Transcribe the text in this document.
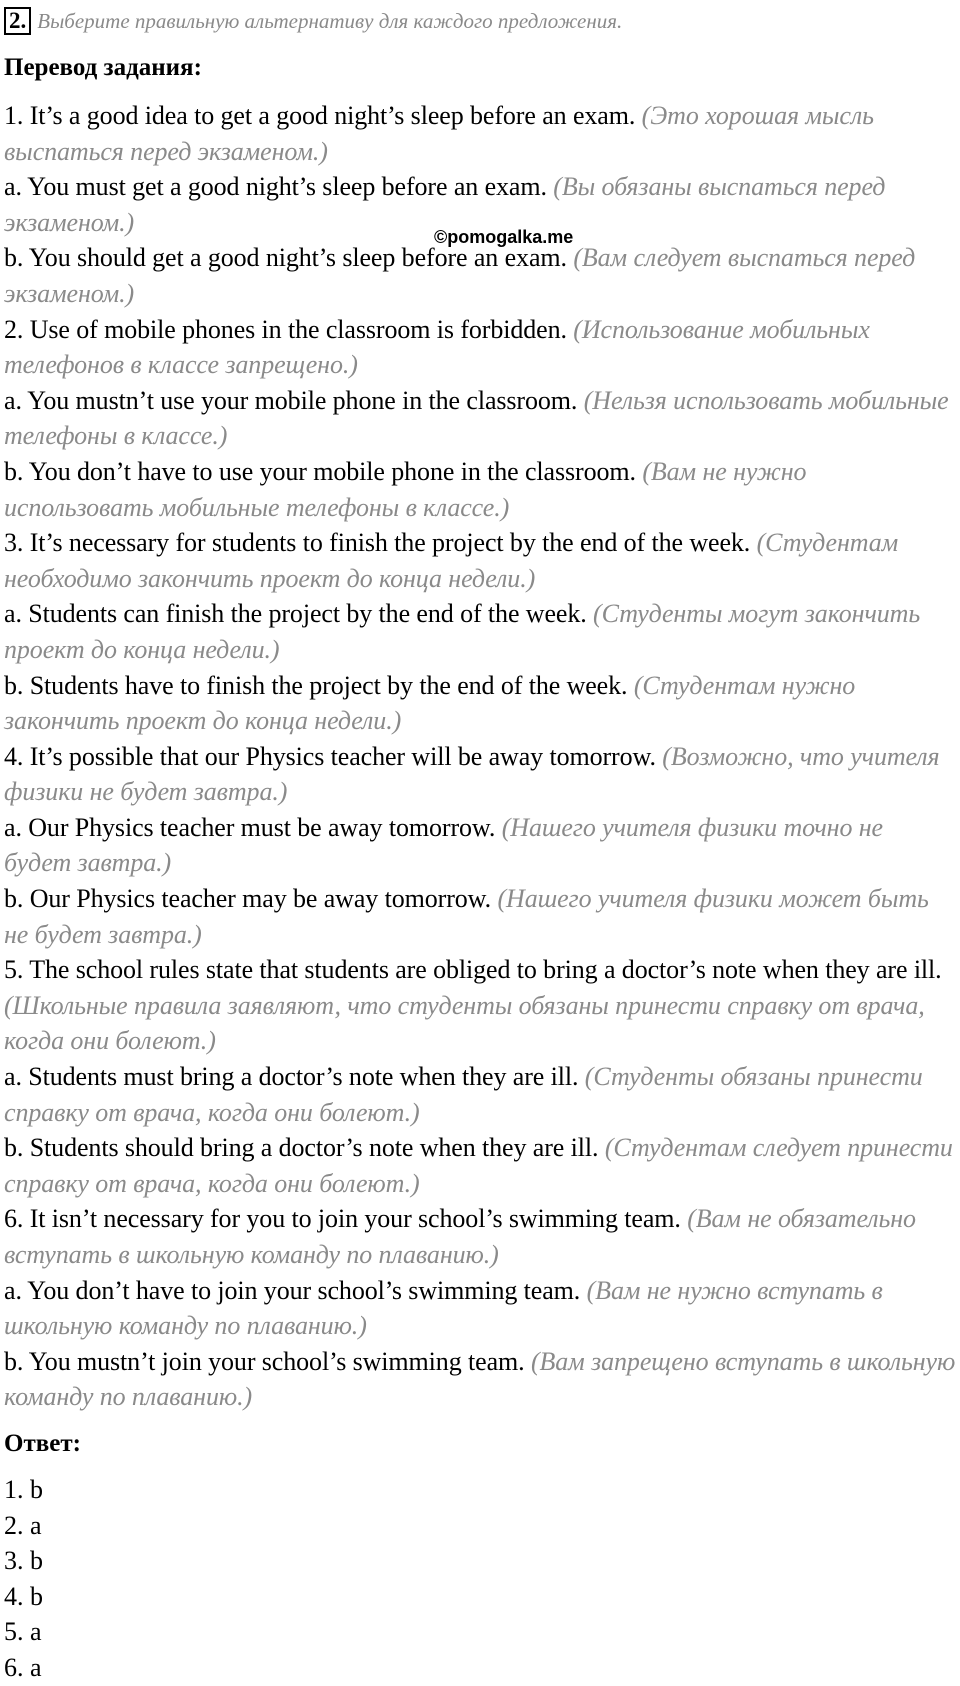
2. Выберите правильную альтернативу для каждого предложения.
Перевод задания:
1. It’s a good idea to get a good night’s sleep before an exam. (Это хорошая мысль выспаться перед экзаменом.)
a. You must get a good night’s sleep before an exam. (Вы обязаны выспаться перед экзаменом.)
b. You should get a good night’s sleep before an exam. (Вам следует выспаться перед экзаменом.)
2. Use of mobile phones in the classroom is forbidden. (Использование мобильных телефонов в классе запрещено.)
a. You mustn’t use your mobile phone in the classroom. (Нельзя использовать мобильные телефоны в классе.)
b. You don’t have to use your mobile phone in the classroom. (Вам не нужно использовать мобильные телефоны в классе.)
3. It’s necessary for students to finish the project by the end of the week. (Студентам необходимо закончить проект до конца недели.)
a. Students can finish the project by the end of the week. (Студенты могут закончить проект до конца недели.)
b. Students have to finish the project by the end of the week. (Студентам нужно закончить проект до конца недели.)
4. It’s possible that our Physics teacher will be away tomorrow. (Возможно, что учителя физики не будет завтра.)
a. Our Physics teacher must be away tomorrow. (Нашего учителя физики точно не будет завтра.)
b. Our Physics teacher may be away tomorrow. (Нашего учителя физики может быть не будет завтра.)
5. The school rules state that students are obliged to bring a doctor’s note when they are ill. (Школьные правила заявляют, что студенты обязаны принести справку от врача, когда они болеют.)
a. Students must bring a doctor’s note when they are ill. (Студенты обязаны принести справку от врача, когда они болеют.)
b. Students should bring a doctor’s note when they are ill. (Студентам следует принести справку от врача, когда они болеют.)
6. It isn’t necessary for you to join your school’s swimming team. (Вам не обязательно вступать в школьную команду по плаванию.)
a. You don’t have to join your school’s swimming team. (Вам не нужно вступать в школьную команду по плаванию.)
b. You mustn’t join your school’s swimming team. (Вам запрещено вступать в школьную команду по плаванию.)
©pomogalka.me
Ответ:
1. b
2. a
3. b
4. b
5. a
6. a
